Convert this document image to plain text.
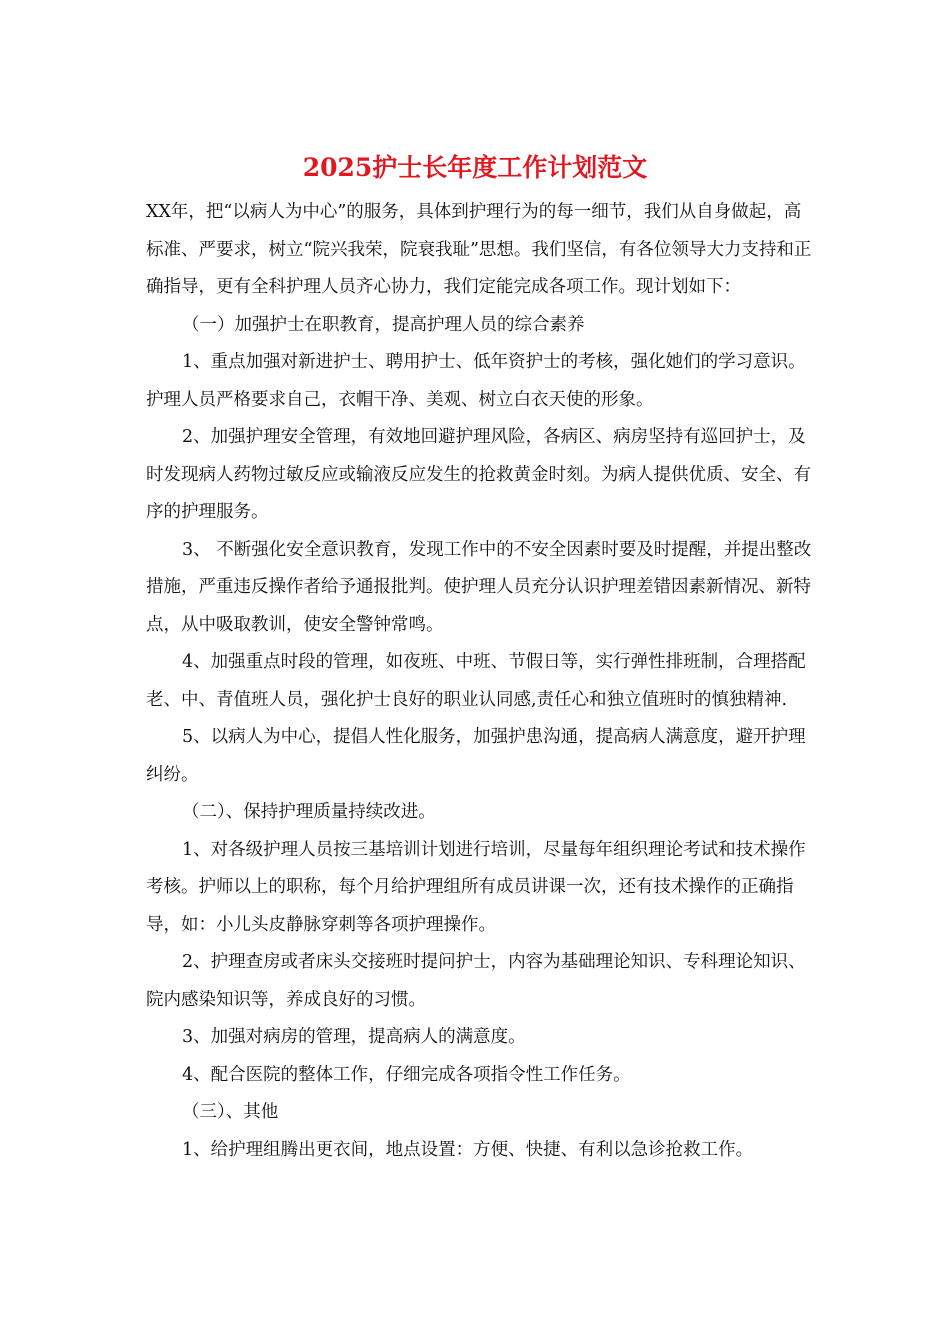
2025护士长年度工作计划范文

XX年，把“以病人为中心”的服务，具体到护理行为的每一细节，我们从自身做起，高标准、严要求，树立“院兴我荣，院衰我耻”思想。我们坚信，有各位领导大力支持和正确指导，更有全科护理人员齐心协力，我们定能完成各项工作。现计划如下：

（一）加强护士在职教育，提高护理人员的综合素养

1、重点加强对新进护士、聘用护士、低年资护士的考核，强化她们的学习意识。护理人员严格要求自己，衣帽干净、美观、树立白衣天使的形象。

2、加强护理安全管理，有效地回避护理风险，各病区、病房坚持有巡回护士，及时发现病人药物过敏反应或输液反应发生的抢救黄金时刻。为病人提供优质、安全、有序的护理服务。

3、 不断强化安全意识教育，发现工作中的不安全因素时要及时提醒，并提出整改措施，严重违反操作者给予通报批判。使护理人员充分认识护理差错因素新情况、新特点，从中吸取教训，使安全警钟常鸣。

4、加强重点时段的管理，如夜班、中班、节假日等，实行弹性排班制，合理搭配老、中、青值班人员，强化护士良好的职业认同感,责任心和独立值班时的慎独精神.

5、以病人为中心，提倡人性化服务，加强护患沟通，提高病人满意度，避开护理纠纷。

（二）、保持护理质量持续改进。

1、对各级护理人员按三基培训计划进行培训，尽量每年组织理论考试和技术操作考核。护师以上的职称，每个月给护理组所有成员讲课一次，还有技术操作的正确指导，如：小儿头皮静脉穿刺等各项护理操作。

2、护理查房或者床头交接班时提问护士，内容为基础理论知识、专科理论知识、院内感染知识等，养成良好的习惯。

3、加强对病房的管理，提高病人的满意度。

4、配合医院的整体工作，仔细完成各项指令性工作任务。

（三）、其他

1、给护理组腾出更衣间，地点设置：方便、快捷、有利以急诊抢救工作。
